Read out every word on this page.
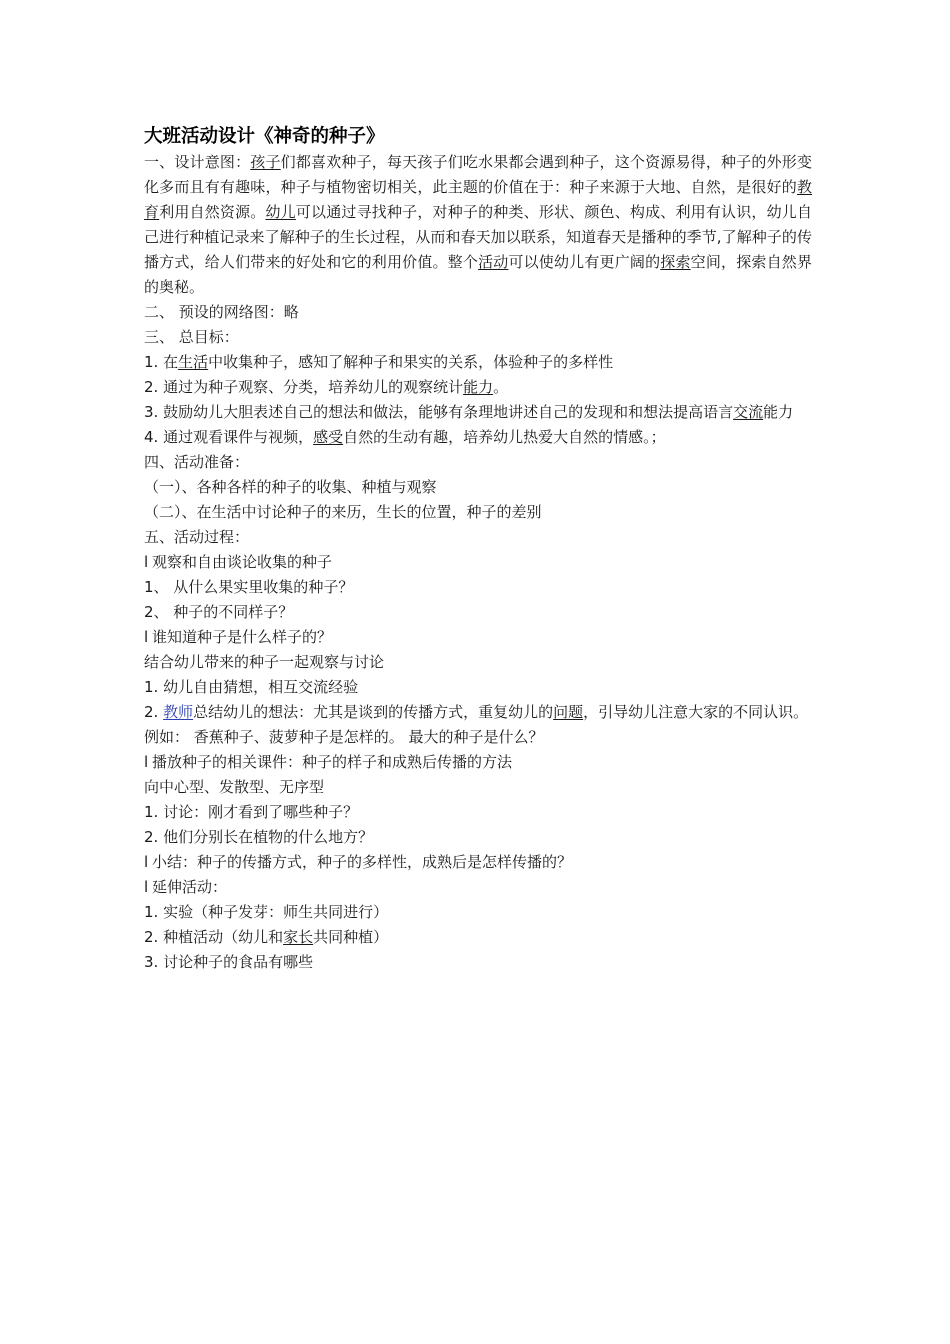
大班活动设计《神奇的种子》
一、设计意图：孩子们都喜欢种子，每天孩子们吃水果都会遇到种子，这个资源易得，种子的外形变化多而且有有趣味，种子与植物密切相关，此主题的价值在于：种子来源于大地、自然，是很好的教育利用自然资源。幼儿可以通过寻找种子，对种子的种类、形状、颜色、构成、利用有认识，幼儿自己进行种植记录来了解种子的生长过程，从而和春天加以联系，知道春天是播种的季节,了解种子的传播方式，给人们带来的好处和它的利用价值。整个活动可以使幼儿有更广阔的探索空间，探索自然界的奥秘。
二、 预设的网络图：略
三、 总目标：
1. 在生活中收集种子，感知了解种子和果实的关系，体验种子的多样性
2. 通过为种子观察、分类，培养幼儿的观察统计能力。
3. 鼓励幼儿大胆表述自己的想法和做法，能够有条理地讲述自己的发现和和想法提高语言交流能力
4. 通过观看课件与视频，感受自然的生动有趣，培养幼儿热爱大自然的情感。；
四、活动准备：
（一）、各种各样的种子的收集、种植与观察
（二）、在生活中讨论种子的来历，生长的位置，种子的差别
五、活动过程：
l 观察和自由谈论收集的种子
1、 从什么果实里收集的种子？
2、 种子的不同样子？
l 谁知道种子是什么样子的？
结合幼儿带来的种子一起观察与讨论
1. 幼儿自由猜想，相互交流经验
2. 教师总结幼儿的想法：尤其是谈到的传播方式，重复幼儿的问题，引导幼儿注意大家的不同认识。
例如： 香蕉种子、菠萝种子是怎样的。 最大的种子是什么？
l 播放种子的相关课件：种子的样子和成熟后传播的方法
向中心型、发散型、无序型
1. 讨论：刚才看到了哪些种子？
2. 他们分别长在植物的什么地方？
l 小结：种子的传播方式，种子的多样性，成熟后是怎样传播的？
l 延伸活动：
1. 实验（种子发芽：师生共同进行）
2. 种植活动（幼儿和家长共同种植）
3. 讨论种子的食品有哪些
